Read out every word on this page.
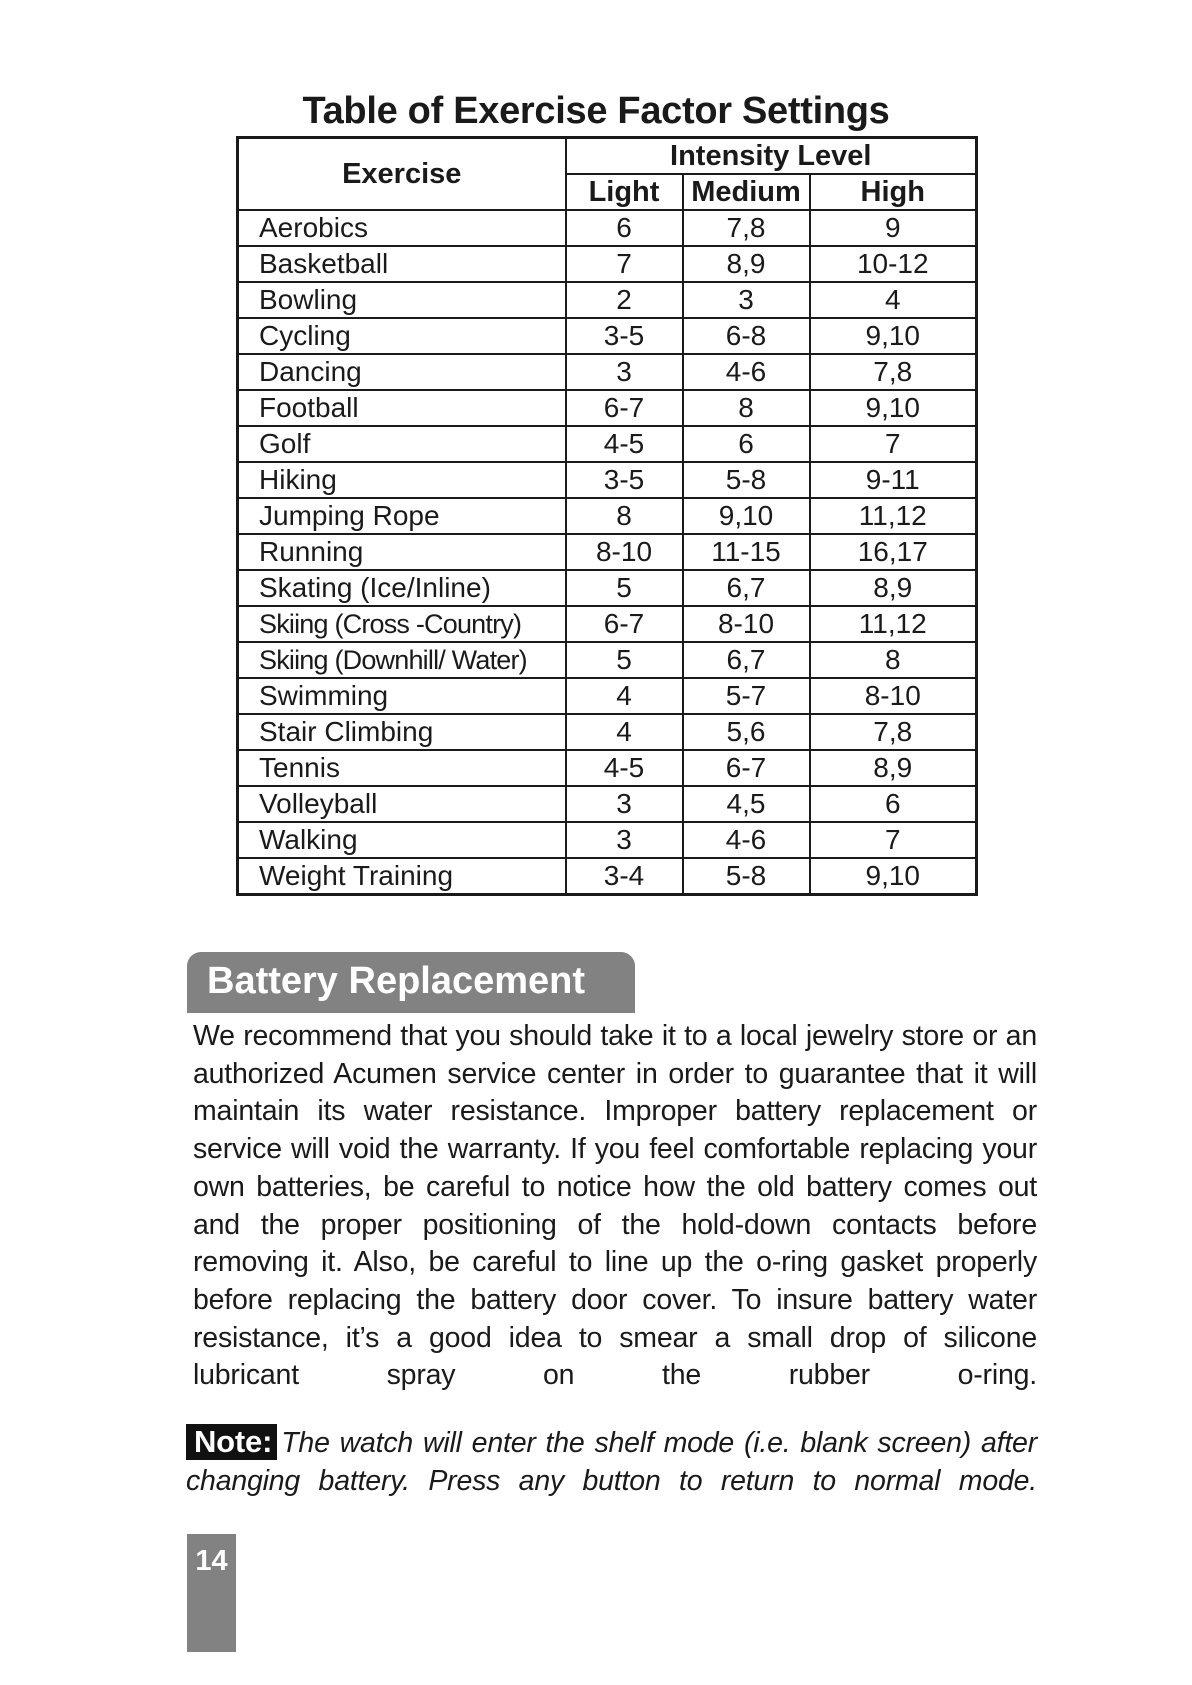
Table of Exercise Factor Settings
Exercise	Intensity Level		
	Light	Medium	High
Aerobics	6	7,8	9
Basketball	7	8,9	10-12
Bowling	2	3	4
Cycling	3-5	6-8	9,10
Dancing	3	4-6	7,8
Football	6-7	8	9,10
Golf	4-5	6	7
Hiking	3-5	5-8	9-11
Jumping Rope	8	9,10	11,12
Running	8-10	11-15	16,17
Skating (Ice/Inline)	5	6,7	8,9
Skiing (Cross -Country)	6-7	8-10	11,12
Skiing (Downhill/ Water)	5	6,7	8
Swimming	4	5-7	8-10
Stair Climbing	4	5,6	7,8
Tennis	4-5	6-7	8,9
Volleyball	3	4,5	6
Walking	3	4-6	7
Weight Training	3-4	5-8	9,10
Battery Replacement

We recommend that you should take it to a local jewelry store or an authorized Acumen service center in order to guarantee that it will maintain its water resistance. Improper battery replacement or service will void the warranty. If you feel comfortable replacing your own batteries, be careful to notice how the old battery comes out and the proper positioning of the hold-down contacts before removing it. Also, be careful to line up the o-ring gasket properly before replacing the battery door cover. To insure battery water resistance, it’s a good idea to smear a small drop of silicone lubricant spray on the rubber o-ring.

Note: The watch will enter the shelf mode (i.e. blank screen) after changing battery. Press any button to return to normal mode.
14
